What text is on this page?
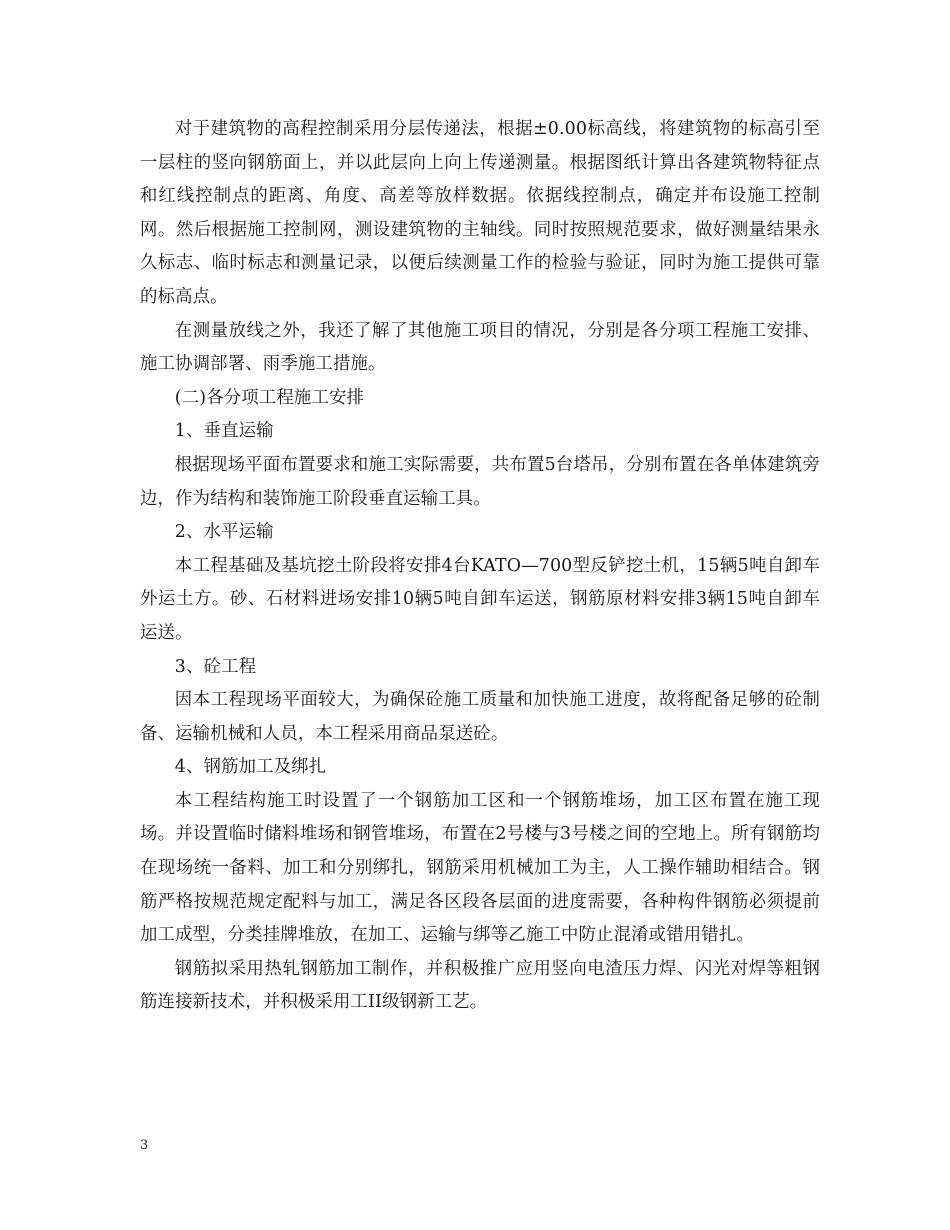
对于建筑物的高程控制采用分层传递法，根据±0.00标高线，将建筑物的标高引至一层柱的竖向钢筋面上，并以此层向上向上传递测量。根据图纸计算出各建筑物特征点和红线控制点的距离、角度、高差等放样数据。依据线控制点，确定并布设施工控制网。然后根据施工控制网，测设建筑物的主轴线。同时按照规范要求，做好测量结果永久标志、临时标志和测量记录，以便后续测量工作的检验与验证，同时为施工提供可靠的标高点。

在测量放线之外，我还了解了其他施工项目的情况，分别是各分项工程施工安排、施工协调部署、雨季施工措施。

(二)各分项工程施工安排

1、垂直运输

根据现场平面布置要求和施工实际需要，共布置5台塔吊，分别布置在各单体建筑旁边，作为结构和装饰施工阶段垂直运输工具。

2、水平运输

本工程基础及基坑挖土阶段将安排4台KATO—700型反铲挖土机，15辆5吨自卸车外运土方。砂、石材料进场安排10辆5吨自卸车运送，钢筋原材料安排3辆15吨自卸车运送。

3、砼工程

因本工程现场平面较大，为确保砼施工质量和加快施工进度，故将配备足够的砼制备、运输机械和人员，本工程采用商品泵送砼。

4、钢筋加工及绑扎

本工程结构施工时设置了一个钢筋加工区和一个钢筋堆场，加工区布置在施工现场。并设置临时储料堆场和钢管堆场，布置在2号楼与3号楼之间的空地上。所有钢筋均在现场统一备料、加工和分别绑扎，钢筋采用机械加工为主，人工操作辅助相结合。钢筋严格按规范规定配料与加工，满足各区段各层面的进度需要，各种构件钢筋必须提前加工成型，分类挂牌堆放，在加工、运输与绑等乙施工中防止混淆或错用错扎。

钢筋拟采用热轧钢筋加工制作，并积极推广应用竖向电渣压力焊、闪光对焊等粗钢筋连接新技术，并积极采用工II级钢新工艺。

3
